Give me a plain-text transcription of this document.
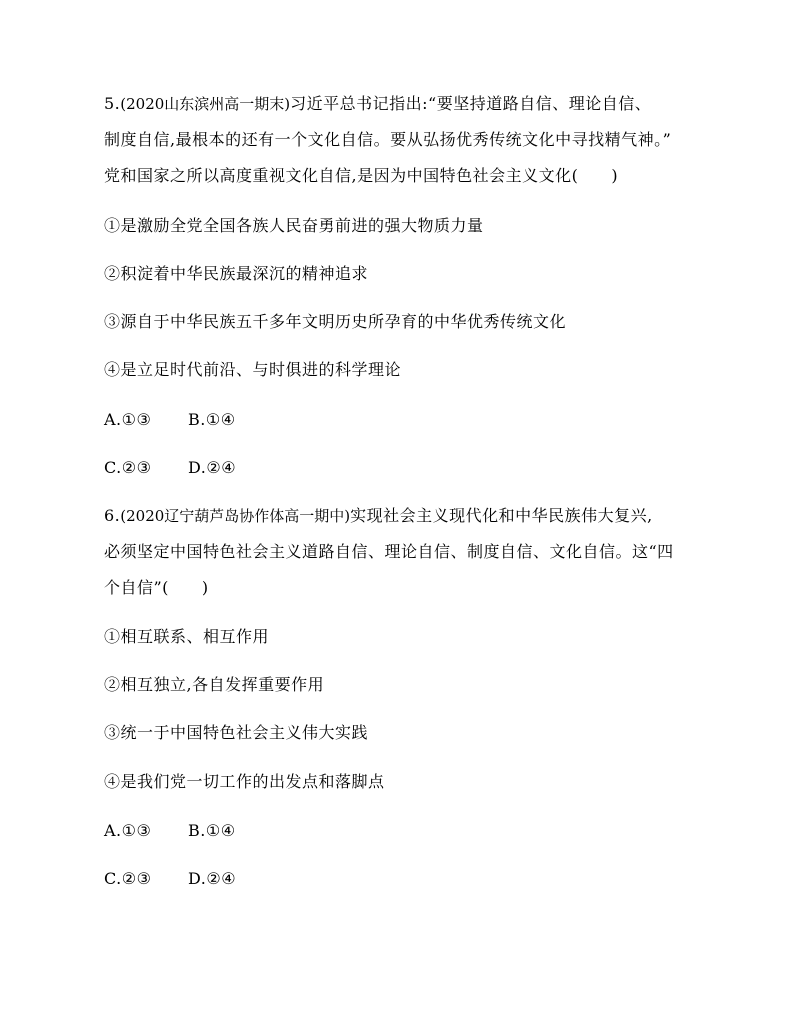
5.(2020山东滨州高一期末)习近平总书记指出:“要坚持道路自信、理论自信、
制度自信,最根本的还有一个文化自信。要从弘扬优秀传统文化中寻找精气神。”
党和国家之所以高度重视文化自信,是因为中国特色社会主义文化(　　)
①是激励全党全国各族人民奋勇前进的强大物质力量
②积淀着中华民族最深沉的精神追求
③源自于中华民族五千多年文明历史所孕育的中华优秀传统文化
④是立足时代前沿、与时俱进的科学理论
A.①③ B.①④
C.②③ D.②④
6.(2020辽宁葫芦岛协作体高一期中)实现社会主义现代化和中华民族伟大复兴,
必须坚定中国特色社会主义道路自信、理论自信、制度自信、文化自信。这“四
个自信”(　　)
①相互联系、相互作用
②相互独立,各自发挥重要作用
③统一于中国特色社会主义伟大实践
④是我们党一切工作的出发点和落脚点
A.①③ B.①④
C.②③ D.②④
